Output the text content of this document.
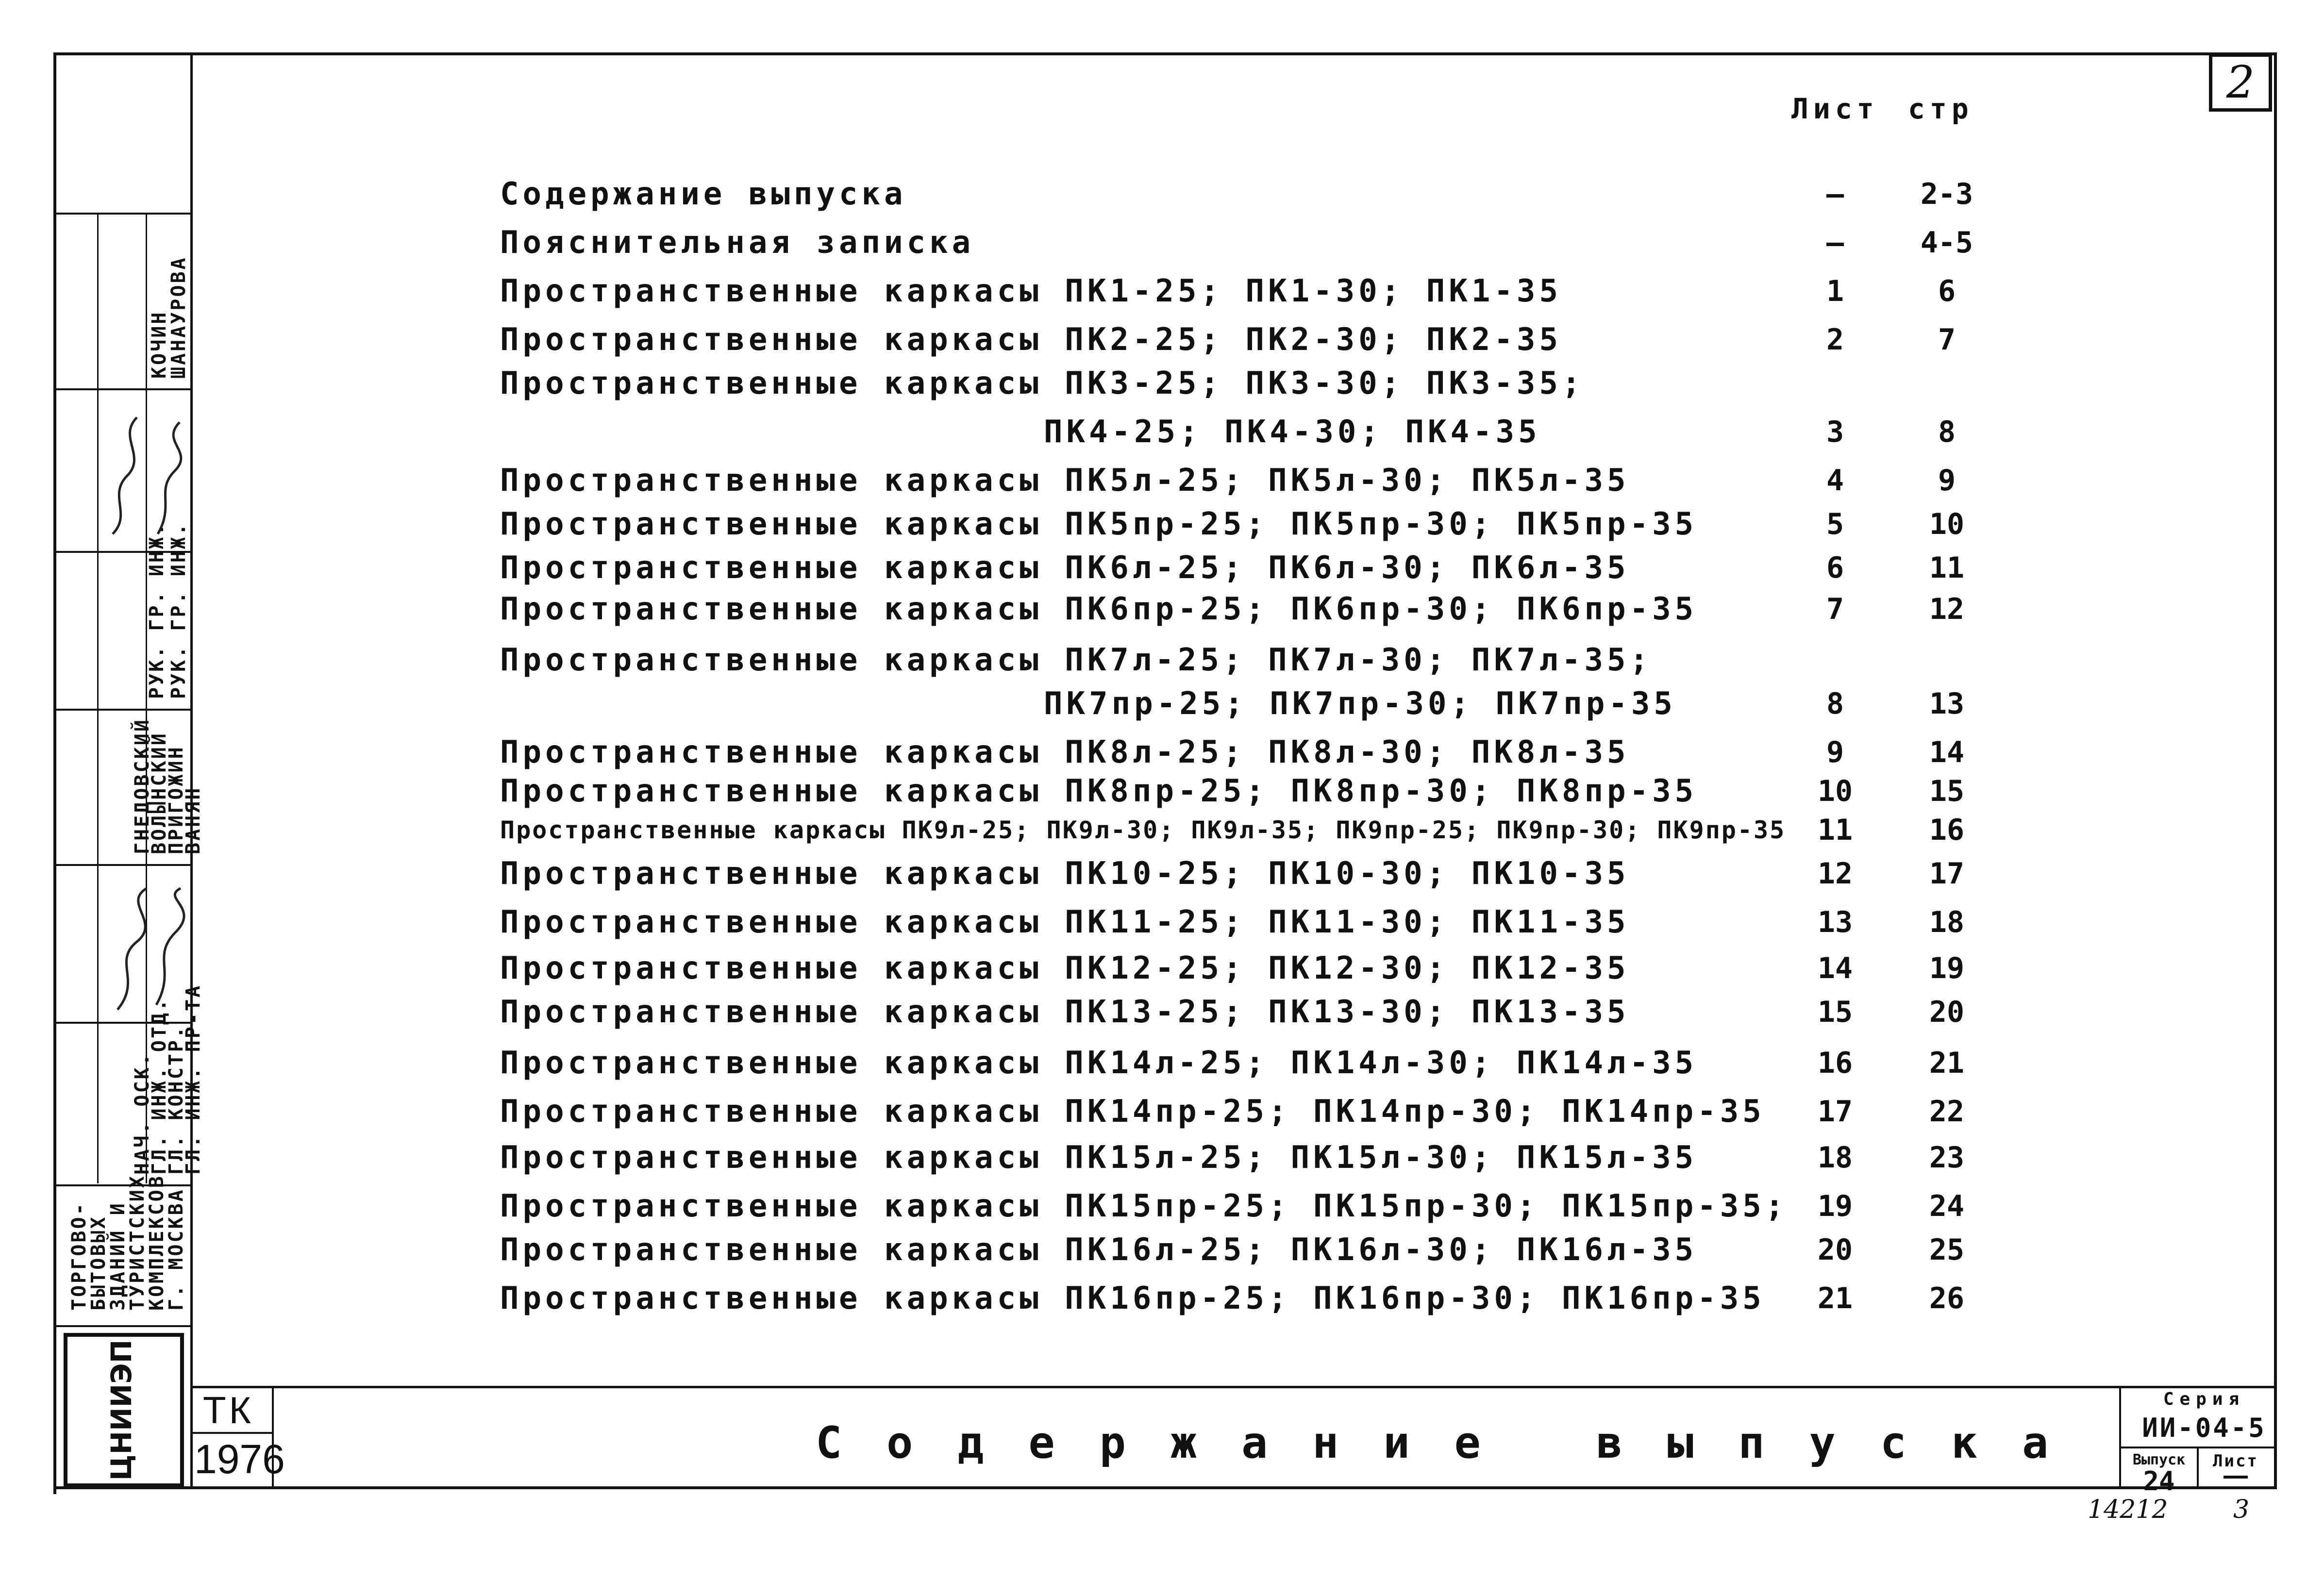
2
Лист стр
Содержание выпуска	—	2-3
Пояснительная записка	—	4-5
Пространственные каркасы ПК1-25; ПК1-30; ПК1-35	1	6
Пространственные каркасы ПК2-25; ПК2-30; ПК2-35	2	7
Пространственные каркасы ПК3-25; ПК3-30; ПК3-35;
ПК4-25; ПК4-30; ПК4-35	3	8
Пространственные каркасы ПК5л-25; ПК5л-30; ПК5л-35	4	9
Пространственные каркасы ПК5пр-25; ПК5пр-30; ПК5пр-35	5	10
Пространственные каркасы ПК6л-25; ПК6л-30; ПК6л-35	6	11
Пространственные каркасы ПК6пр-25; ПК6пр-30; ПК6пр-35	7	12
Пространственные каркасы ПК7л-25; ПК7л-30; ПК7л-35;
ПК7пр-25; ПК7пр-30; ПК7пр-35	8	13
Пространственные каркасы ПК8л-25; ПК8л-30; ПК8л-35	9	14
Пространственные каркасы ПК8пр-25; ПК8пр-30; ПК8пр-35	10	15
Пространственные каркасы ПК9л-25; ПК9л-30; ПК9л-35; ПК9пр-25; ПК9пр-30; ПК9пр-35	11	16
Пространственные каркасы ПК10-25; ПК10-30; ПК10-35	12	17
Пространственные каркасы ПК11-25; ПК11-30; ПК11-35	13	18
Пространственные каркасы ПК12-25; ПК12-30; ПК12-35	14	19
Пространственные каркасы ПК13-25; ПК13-30; ПК13-35	15	20
Пространственные каркасы ПК14л-25; ПК14л-30; ПК14л-35	16	21
Пространственные каркасы ПК14пр-25; ПК14пр-30; ПК14пр-35	17	22
Пространственные каркасы ПК15л-25; ПК15л-30; ПК15л-35	18	23
Пространственные каркасы ПК15пр-25; ПК15пр-30; ПК15пр-35;	19	24
Пространственные каркасы ПК16л-25; ПК16л-30; ПК16л-35	20	25
Пространственные каркасы ПК16пр-25; ПК16пр-30; ПК16пр-35	21	26
ТОРГОВО-
БЫТОВЫХ
ЗДАНИЙ И
ТУРИСТСКИХ
КОМПЛЕКСОВ
Г. МОСКВА
НАЧ. ОСК.
ГЛ. ИНЖ. ОТД.
ГЛ. КОНСТР.
ГЛ. ИНЖ. ПР-ТА
ГНЕДОВСКИЙ
ВОЛЫНСКИЙ
ПРИГОЖИН
ВАНЯН
РУК. ГР. ИНЖ. РУК. ГР. ИНЖ.
КОЧИН
ШАНАУРОВА
ЦНИИЭП ТК
1976	Содержание выпуска
Серия
ИИ-04-5
Выпуск
24
Лист
14212	3
